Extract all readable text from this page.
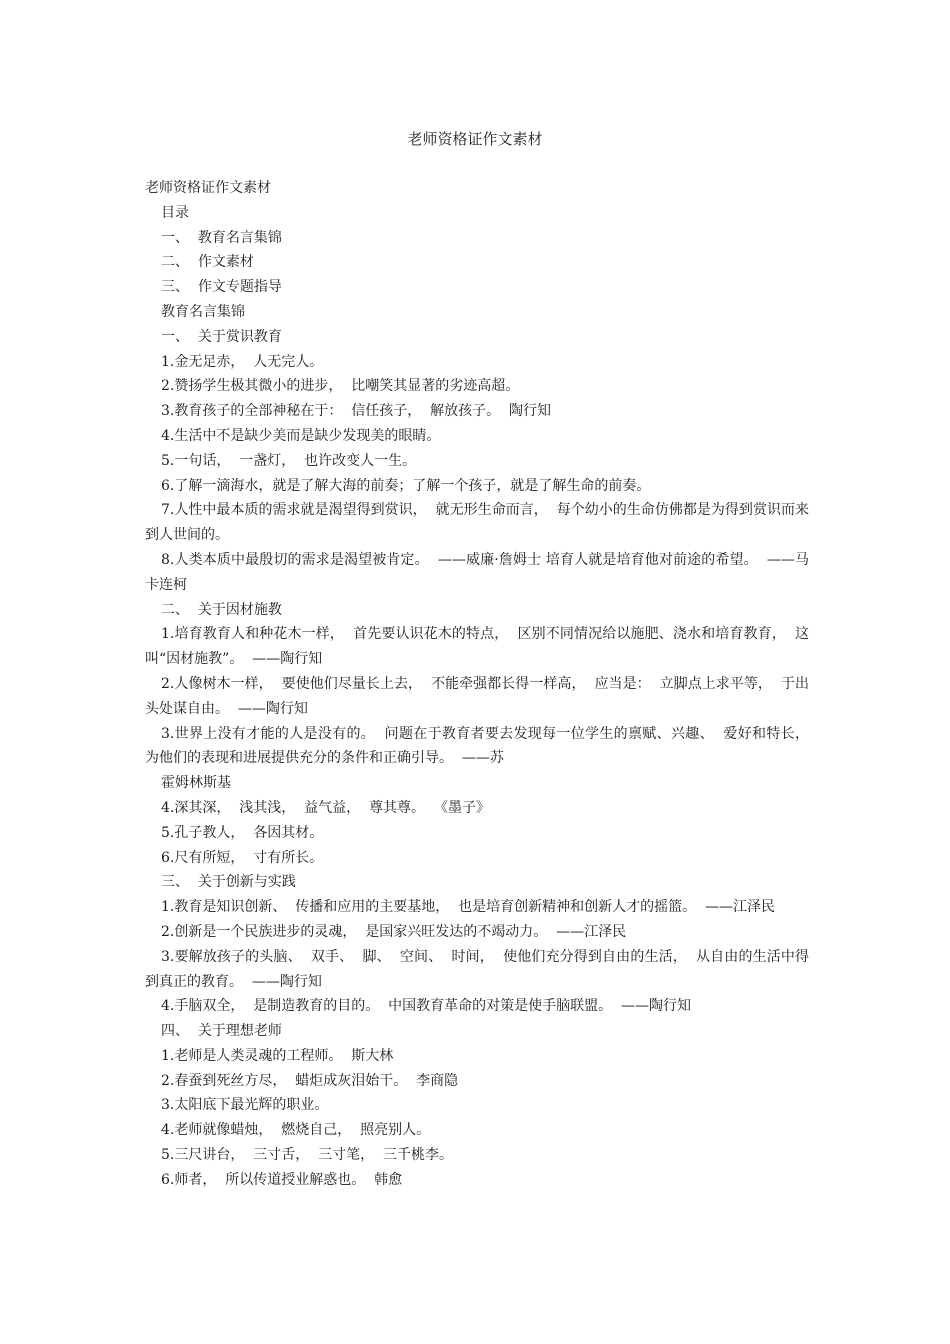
老师资格证作文素材
老师资格证作文素材
目录
一、  教育名言集锦
二、  作文素材
三、  作文专题指导
教育名言集锦
一、  关于赏识教育
1.金无足赤，  人无完人。
2.赞扬学生极其微小的进步，  比嘲笑其显著的劣迹高超。
3.教育孩子的全部神秘在于：  信任孩子，  解放孩子。  陶行知
4.生活中不是缺少美而是缺少发现美的眼睛。
5.一句话，  一盏灯，  也许改变人一生。
6.了解一滴海水，就是了解大海的前奏；了解一个孩子，就是了解生命的前奏。
7.人性中最本质的需求就是渴望得到赏识，  就无形生命而言，  每个幼小的生命仿佛都是为得到赏识而来到人世间的。
8.人类本质中最殷切的需求是渴望被肯定。  ——威廉·詹姆士 培育人就是培育他对前途的希望。  ——马卡连柯
二、  关于因材施教
1.培育教育人和种花木一样，  首先要认识花木的特点，  区别不同情况给以施肥、浇水和培育教育，  这叫“因材施教”。  ——陶行知
2.人像树木一样，  要使他们尽量长上去，  不能牵强都长得一样高，  应当是：  立脚点上求平等，  于出头处谋自由。  ——陶行知
3.世界上没有才能的人是没有的。  问题在于教育者要去发现每一位学生的禀赋、兴趣、  爱好和特长，  为他们的表现和进展提供充分的条件和正确引导。  ——苏
霍姆林斯基
4.深其深，  浅其浅，  益气益，  尊其尊。  《墨子》
5.孔子教人，  各因其材。
6.尺有所短，  寸有所长。
三、  关于创新与实践
1.教育是知识创新、  传播和应用的主要基地，  也是培育创新精神和创新人才的摇篮。  ——江泽民
2.创新是一个民族进步的灵魂，  是国家兴旺发达的不竭动力。  ——江泽民
3.要解放孩子的头脑、  双手、  脚、  空间、  时间，  使他们充分得到自由的生活，  从自由的生活中得到真正的教育。  ——陶行知
4.手脑双全，  是制造教育的目的。  中国教育革命的对策是使手脑联盟。  ——陶行知
四、  关于理想老师
1.老师是人类灵魂的工程师。  斯大林
2.春蚕到死丝方尽，  蜡炬成灰泪始干。  李商隐
3.太阳底下最光辉的职业。
4.老师就像蜡烛，  燃烧自己，  照亮别人。
5.三尺讲台，  三寸舌，  三寸笔，  三千桃李。
6.师者，  所以传道授业解惑也。  韩愈
